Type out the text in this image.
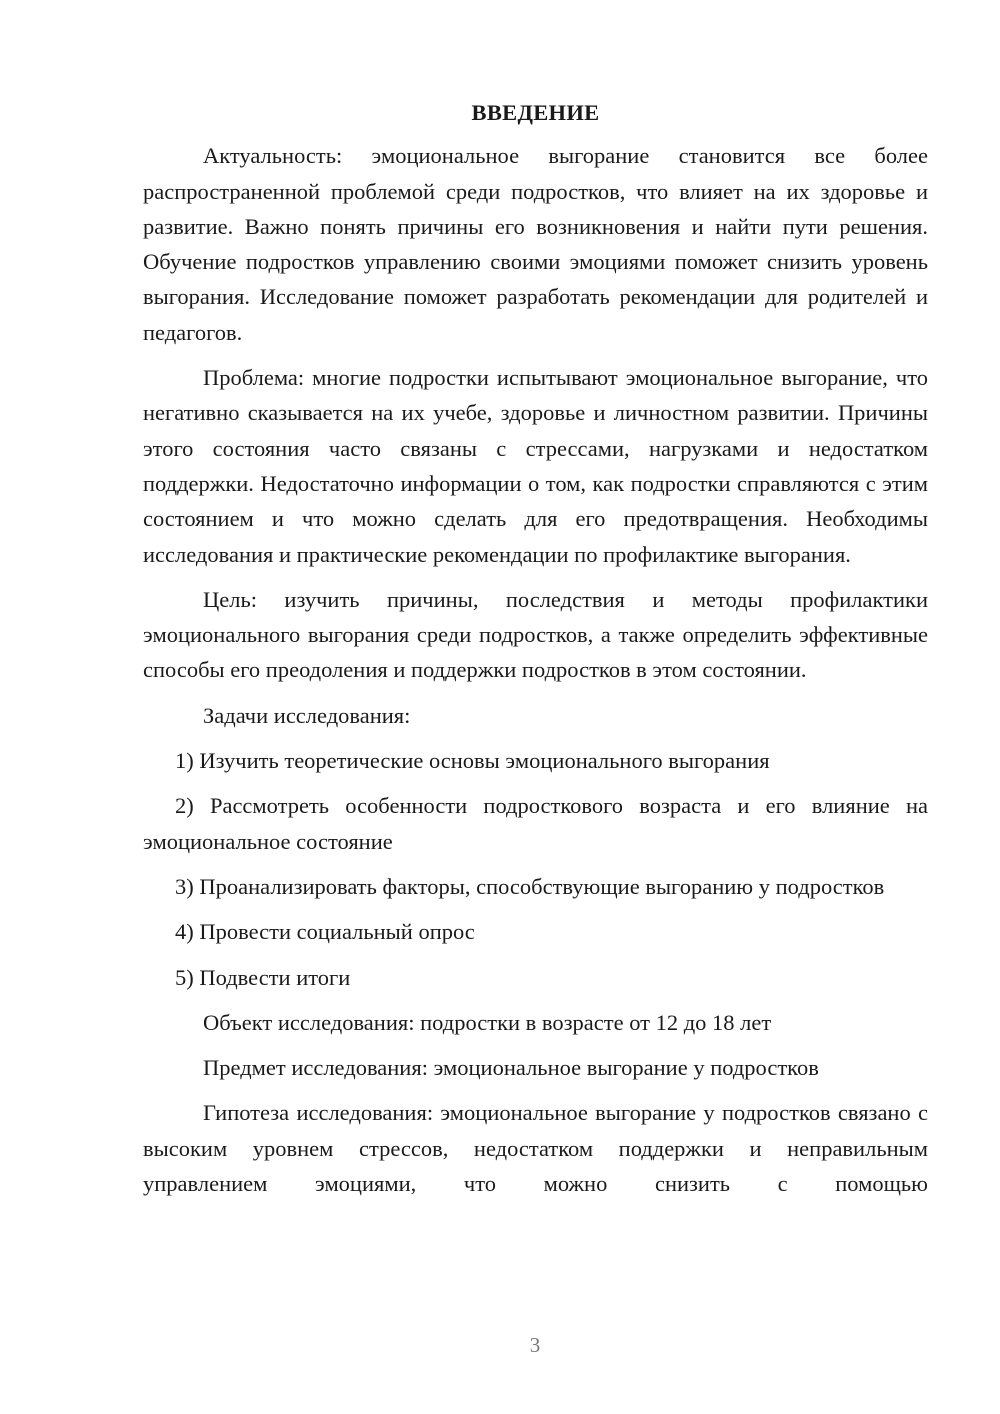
ВВЕДЕНИЕ

Актуальность: эмоциональное выгорание становится все более распространенной проблемой среди подростков, что влияет на их здоровье и развитие. Важно понять причины его возникновения и найти пути решения. Обучение подростков управлению своими эмоциями поможет снизить уровень выгорания. Исследование поможет разработать рекомендации для родителей и педагогов.

Проблема: многие подростки испытывают эмоциональное выгорание, что негативно сказывается на их учебе, здоровье и личностном развитии. Причины этого состояния часто связаны с стрессами, нагрузками и недостатком поддержки. Недостаточно информации о том, как подростки справляются с этим состоянием и что можно сделать для его предотвращения. Необходимы исследования и практические рекомендации по профилактике выгорания.

Цель: изучить причины, последствия и методы профилактики эмоционального выгорания среди подростков, а также определить эффективные способы его преодоления и поддержки подростков в этом состоянии.

Задачи исследования:

1) Изучить теоретические основы эмоционального выгорания

2) Рассмотреть особенности подросткового возраста и его влияние на эмоциональное состояние

3) Проанализировать факторы, способствующие выгоранию у подростков

4) Провести социальный опрос

5) Подвести итоги

Объект исследования: подростки в возрасте от 12 до 18 лет

Предмет исследования: эмоциональное выгорание у подростков

Гипотеза исследования: эмоциональное выгорание у подростков связано с высоким уровнем стрессов, недостатком поддержки и неправильным управлением эмоциями, что можно снизить с помощью

3
